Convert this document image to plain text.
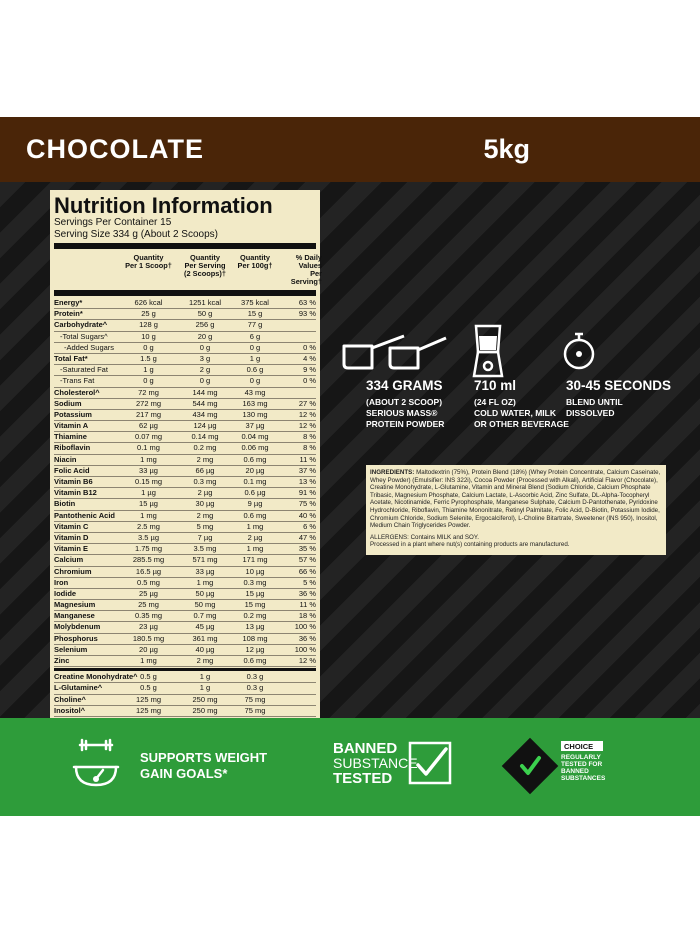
CHOCOLATE	5kg
Nutrition Information
Servings Per Container 15
Serving Size 334 g (About 2 Scoops)
Quantity
Per 1 Scoop†
Quantity
Per Serving
(2 Scoops)†
Quantity
Per 100g†
% Daily
Values
Per Serving†
Energy*	626 kcal	1251 kcal	375 kcal	63 %
Protein*	25 g	50 g	15 g	93 %
Carbohydrate^	128 g	256 g	77 g
-Total Sugars^	10 g	20 g	6 g
-Added Sugars	0 g	0 g	0 g	0 %
Total Fat*	1.5 g	3 g	1 g	4 %
-Saturated Fat	1 g	2 g	0.6 g	9 %
-Trans Fat	0 g	0 g	0 g	0 %
Cholesterol^	72 mg	144 mg	43 mg
Sodium	272 mg	544 mg	163 mg	27 %
Potassium	217 mg	434 mg	130 mg	12 %
Vitamin A	62 µg	124 µg	37 µg	12 %
Thiamine	0.07 mg	0.14 mg	0.04 mg	8 %
Riboflavin	0.1 mg	0.2 mg	0.06 mg	8 %
Niacin	1 mg	2 mg	0.6 mg	11 %
Folic Acid	33 µg	66 µg	20 µg	37 %
Vitamin B6	0.15 mg	0.3 mg	0.1 mg	13 %
Vitamin B12	1 µg	2 µg	0.6 µg	91 %
Biotin	15 µg	30 µg	9 µg	75 %
Pantothenic Acid	1 mg	2 mg	0.6 mg	40 %
Vitamin C	2.5 mg	5 mg	1 mg	6 %
Vitamin D	3.5 µg	7 µg	2 µg	47 %
Vitamin E	1.75 mg	3.5 mg	1 mg	35 %
Calcium	285.5 mg	571 mg	171 mg	57 %
Chromium	16.5 µg	33 µg	10 µg	66 %
Iron	0.5 mg	1 mg	0.3 mg	5 %
Iodide	25 µg	50 µg	15 µg	36 %
Magnesium	25 mg	50 mg	15 mg	11 %
Manganese	0.35 mg	0.7 mg	0.2 mg	18 %
Molybdenum	23 µg	45 µg	13 µg	100 %
Phosphorus	180.5 mg	361 mg	108 mg	36 %
Selenium	20 µg	40 µg	12 µg	100 %
Zinc	1 mg	2 mg	0.6 mg	12 %
Creatine Monohydrate^ 0.5 g	1 g	0.3 g
L-Glutamine^	0.5 g	1 g	0.3 g
Choline^	125 mg	250 mg	75 mg
Inositol^	125 mg	250 mg	75 mg
334 GRAMS
(ABOUT 2 SCOOP)
SERIOUS MASS®
PROTEIN POWDER
710 ml
(24 FL OZ)
COLD WATER, MILK
OR OTHER BEVERAGE
30-45 SECONDS
BLEND UNTIL
DISSOLVED
INGREDIENTS: Maltodextrin (75%), Protein Blend (18%) (Whey Protein Concentrate, Calcium Caseinate, Whey Powder) (Emulsifier: INS 322i), Cocoa Powder (Processed with Alkali), Artificial Flavor (Chocolate), Creatine Monohydrate, L-Glutamine, Vitamin and Mineral Blend (Sodium Chloride, Calcium Phosphate Tribasic, Magnesium Phosphate, Calcium Lactate, L-Ascorbic Acid, Zinc Sulfate, DL-Alpha-Tocopheryl Acetate, Nicotinamide, Ferric Pyrophosphate, Manganese Sulphate, Calcium D-Pantothenate, Pyridoxine Hydrochloride, Riboflavin, Thiamine Mononitrate, Retinyl Palmitate, Folic Acid, D-Biotin, Potassium Iodide, Chromium Chloride, Sodium Selenite, Ergocalciferol), L-Choline Bitartrate, Sweetener (INS 950), Inositol, Medium Chain Triglycerides Powder.
ALLERGENS: Contains MILK and SOY.
Processed in a plant where nut(s) containing products are manufactured.
SUPPORTS WEIGHT
GAIN GOALS*
BANNED
SUBSTANCE
TESTED
CHOICE
REGULARLY
TESTED FOR
BANNED
SUBSTANCES
